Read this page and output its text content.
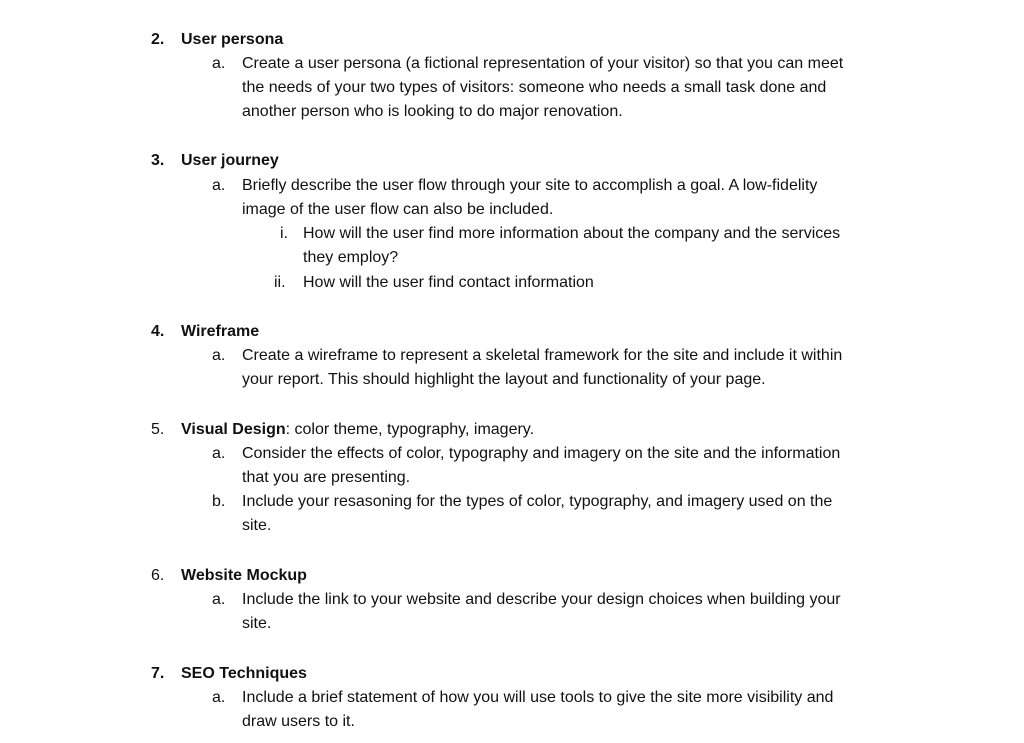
2. User persona
a. Create a user persona (a fictional representation of your visitor) so that you can meet
the needs of your two types of visitors: someone who needs a small task done and
another person who is looking to do major renovation.
3. User journey
a. Briefly describe the user flow through your site to accomplish a goal. A low-fidelity
image of the user flow can also be included.
i. How will the user find more information about the company and the services
they employ?
ii. How will the user find contact information
4. Wireframe
a. Create a wireframe to represent a skeletal framework for the site and include it within
your report. This should highlight the layout and functionality of your page.
5. Visual Design: color theme, typography, imagery.
a. Consider the effects of color, typography and imagery on the site and the information
that you are presenting.
b. Include your resasoning for the types of color, typography, and imagery used on the
site.
6. Website Mockup
a. Include the link to your website and describe your design choices when building your
site.
7. SEO Techniques
a. Include a brief statement of how you will use tools to give the site more visibility and
draw users to it.
